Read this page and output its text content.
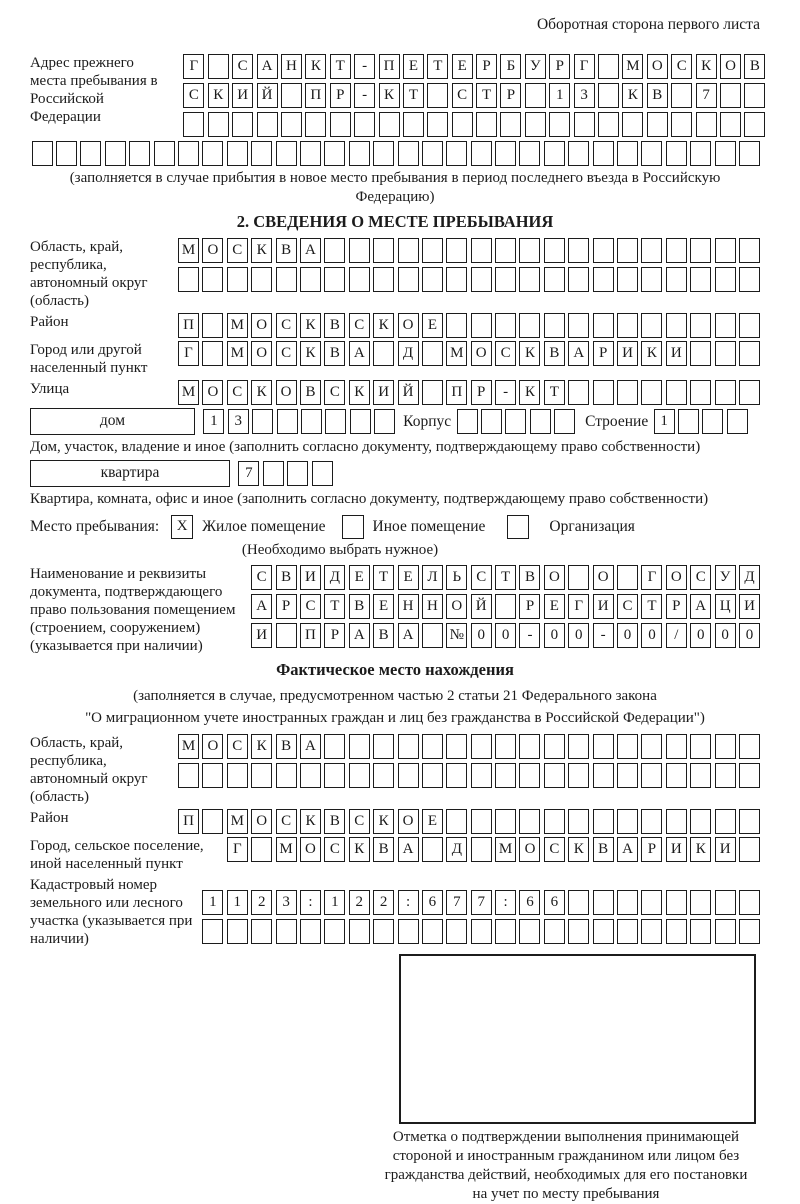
Оборотная сторона первого листа
Адрес прежнего места пребывания в Российской Федерации
Г	С А Н К Т	-	П Е	Т	Е	Р	Б У Р	Г	М О С К О В
С К И Й	П Р	-	К Т	С Т	Р	1	3	К В	7
(заполняется в случае прибытия в новое место пребывания в период последнего въезда в Российскую Федерацию)
2. СВЕДЕНИЯ О МЕСТЕ ПРЕБЫВАНИЯ
Область, край, республика, автономный округ (область)
М О С К В А
Район	П	М О С К В С К О Е
Город или другой населенный пункт
Г	М О С К В А	Д	М О С К В А Р И К И
Улица	М О С К О В С К И Й	П Р	-	К Т
дом	1	3	Корпус	Строение 1
Дом, участок, владение и иное (заполнить согласно документу, подтверждающему право собственности)
квартира	7
Квартира, комната, офис и иное (заполнить согласно документу, подтверждающему право собственности)
Место пребывания:	X Жилое помещение	Иное помещение	Организация
(Необходимо выбрать нужное)
Наименование и реквизиты документа, подтверждающего право пользования помещением (строением, сооружением) (указывается при наличии)
С В И Д Е	Т	Е Л Ь	С Т В О	О	Г О С У Д
А Р	С Т В Е Н Н О Й	Р	Е	Г И С Т	Р А Ц И
И	П Р А В А	№ 0	0	-	0	0	-	0	0	/	0	0	0
Фактическое место нахождения
(заполняется в случае, предусмотренном частью 2 статьи 21 Федерального закона
"О миграционном учете иностранных граждан и лиц без гражданства в Российской Федерации")
Область, край, республика, автономный округ (область)
М О С К В А
Район	П	М О С К В С К О Е
Город, сельское поселение, иной населенный пункт
Г	М О С К В А	Д	М О С К В А Р И К И
Кадастровый номер земельного или лесного участка (указывается при наличии)
1	1	2	3	:	1	2	2	:	6	7	7	:	6	6
Отметка о подтверждении выполнения принимающей стороной и иностранным гражданином или лицом без гражданства действий, необходимых для его постановки на учет по месту пребывания
